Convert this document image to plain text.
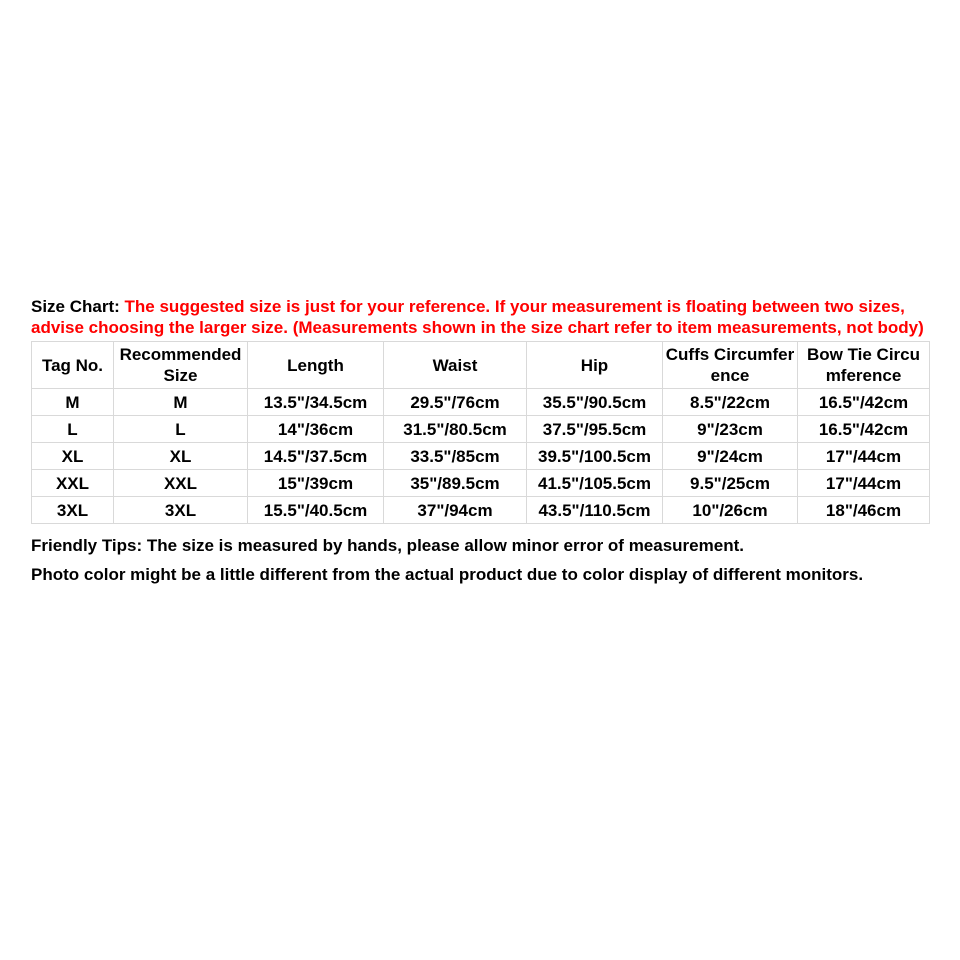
Size Chart: The suggested size is just for your reference. If your measurement is floating between two sizes, advise choosing the larger size. (Measurements shown in the size chart refer to item measurements, not body)
Tag No.	Recommended Size	Length	Waist	Hip	Cuffs Circumference	Bow Tie Circumference
M	M	13.5"/34.5cm	29.5"/76cm	35.5"/90.5cm	8.5"/22cm	16.5"/42cm
L	L	14"/36cm	31.5"/80.5cm	37.5"/95.5cm	9"/23cm	16.5"/42cm
XL	XL	14.5"/37.5cm	33.5"/85cm	39.5"/100.5cm	9"/24cm	17"/44cm
XXL	XXL	15"/39cm	35"/89.5cm	41.5"/105.5cm	9.5"/25cm	17"/44cm
3XL	3XL	15.5"/40.5cm	37"/94cm	43.5"/110.5cm	10"/26cm	18"/46cm

Friendly Tips: The size is measured by hands, please allow minor error of measurement.

Photo color might be a little different from the actual product due to color display of different monitors.
